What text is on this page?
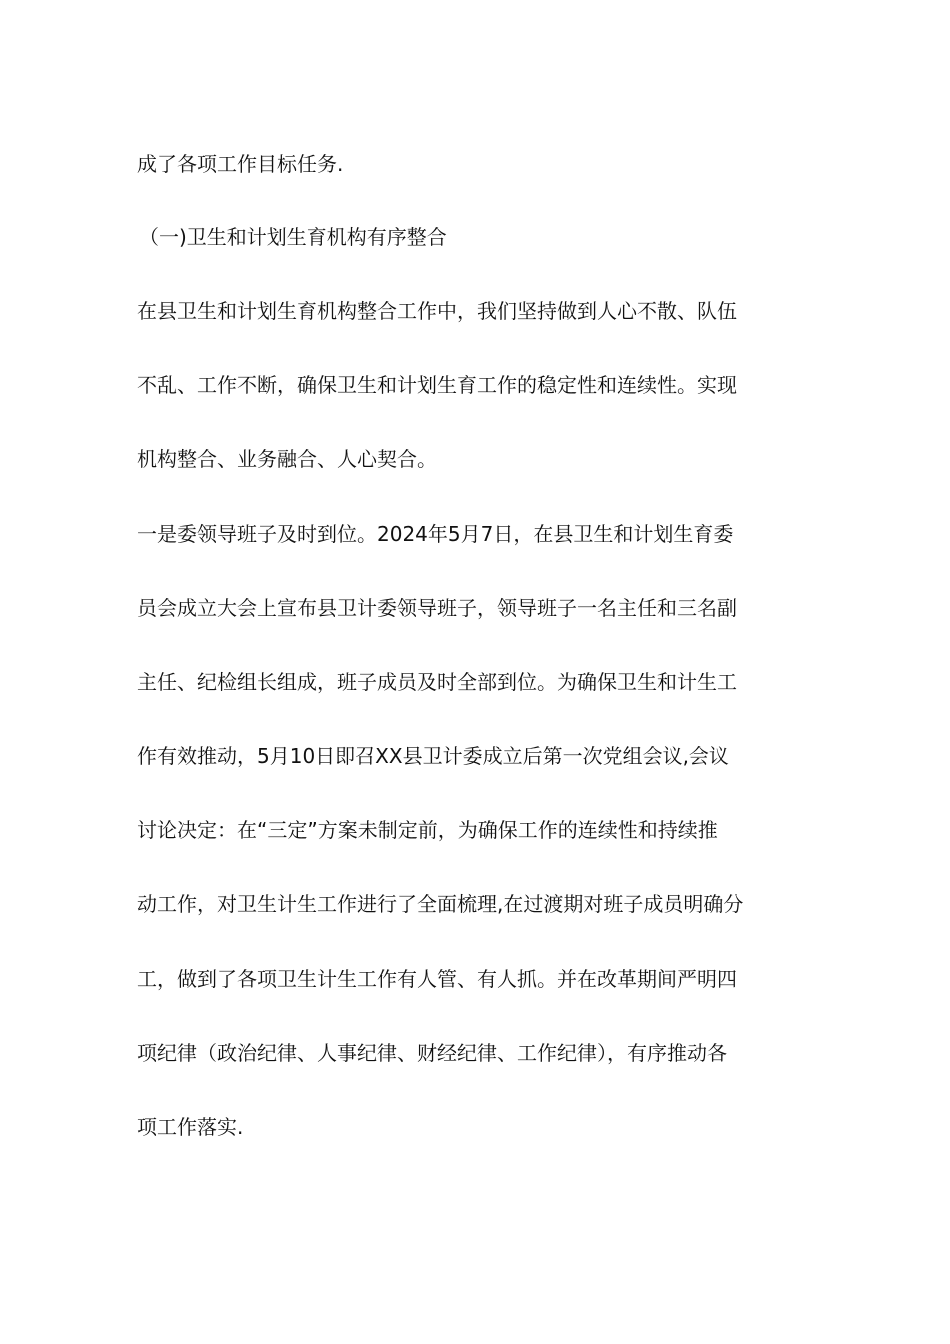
成了各项工作目标任务.
（一)卫生和计划生育机构有序整合
在县卫生和计划生育机构整合工作中，我们坚持做到人心不散、队伍
不乱、工作不断，确保卫生和计划生育工作的稳定性和连续性。实现
机构整合、业务融合、人心契合。
一是委领导班子及时到位。2024年5月7日，在县卫生和计划生育委
员会成立大会上宣布县卫计委领导班子，领导班子一名主任和三名副
主任、纪检组长组成，班子成员及时全部到位。为确保卫生和计生工
作有效推动，5月10日即召XX县卫计委成立后第一次党组会议,会议
讨论决定：在“三定”方案未制定前，为确保工作的连续性和持续推
动工作，对卫生计生工作进行了全面梳理,在过渡期对班子成员明确分
工，做到了各项卫生计生工作有人管、有人抓。并在改革期间严明四
项纪律（政治纪律、人事纪律、财经纪律、工作纪律），有序推动各
项工作落实.
